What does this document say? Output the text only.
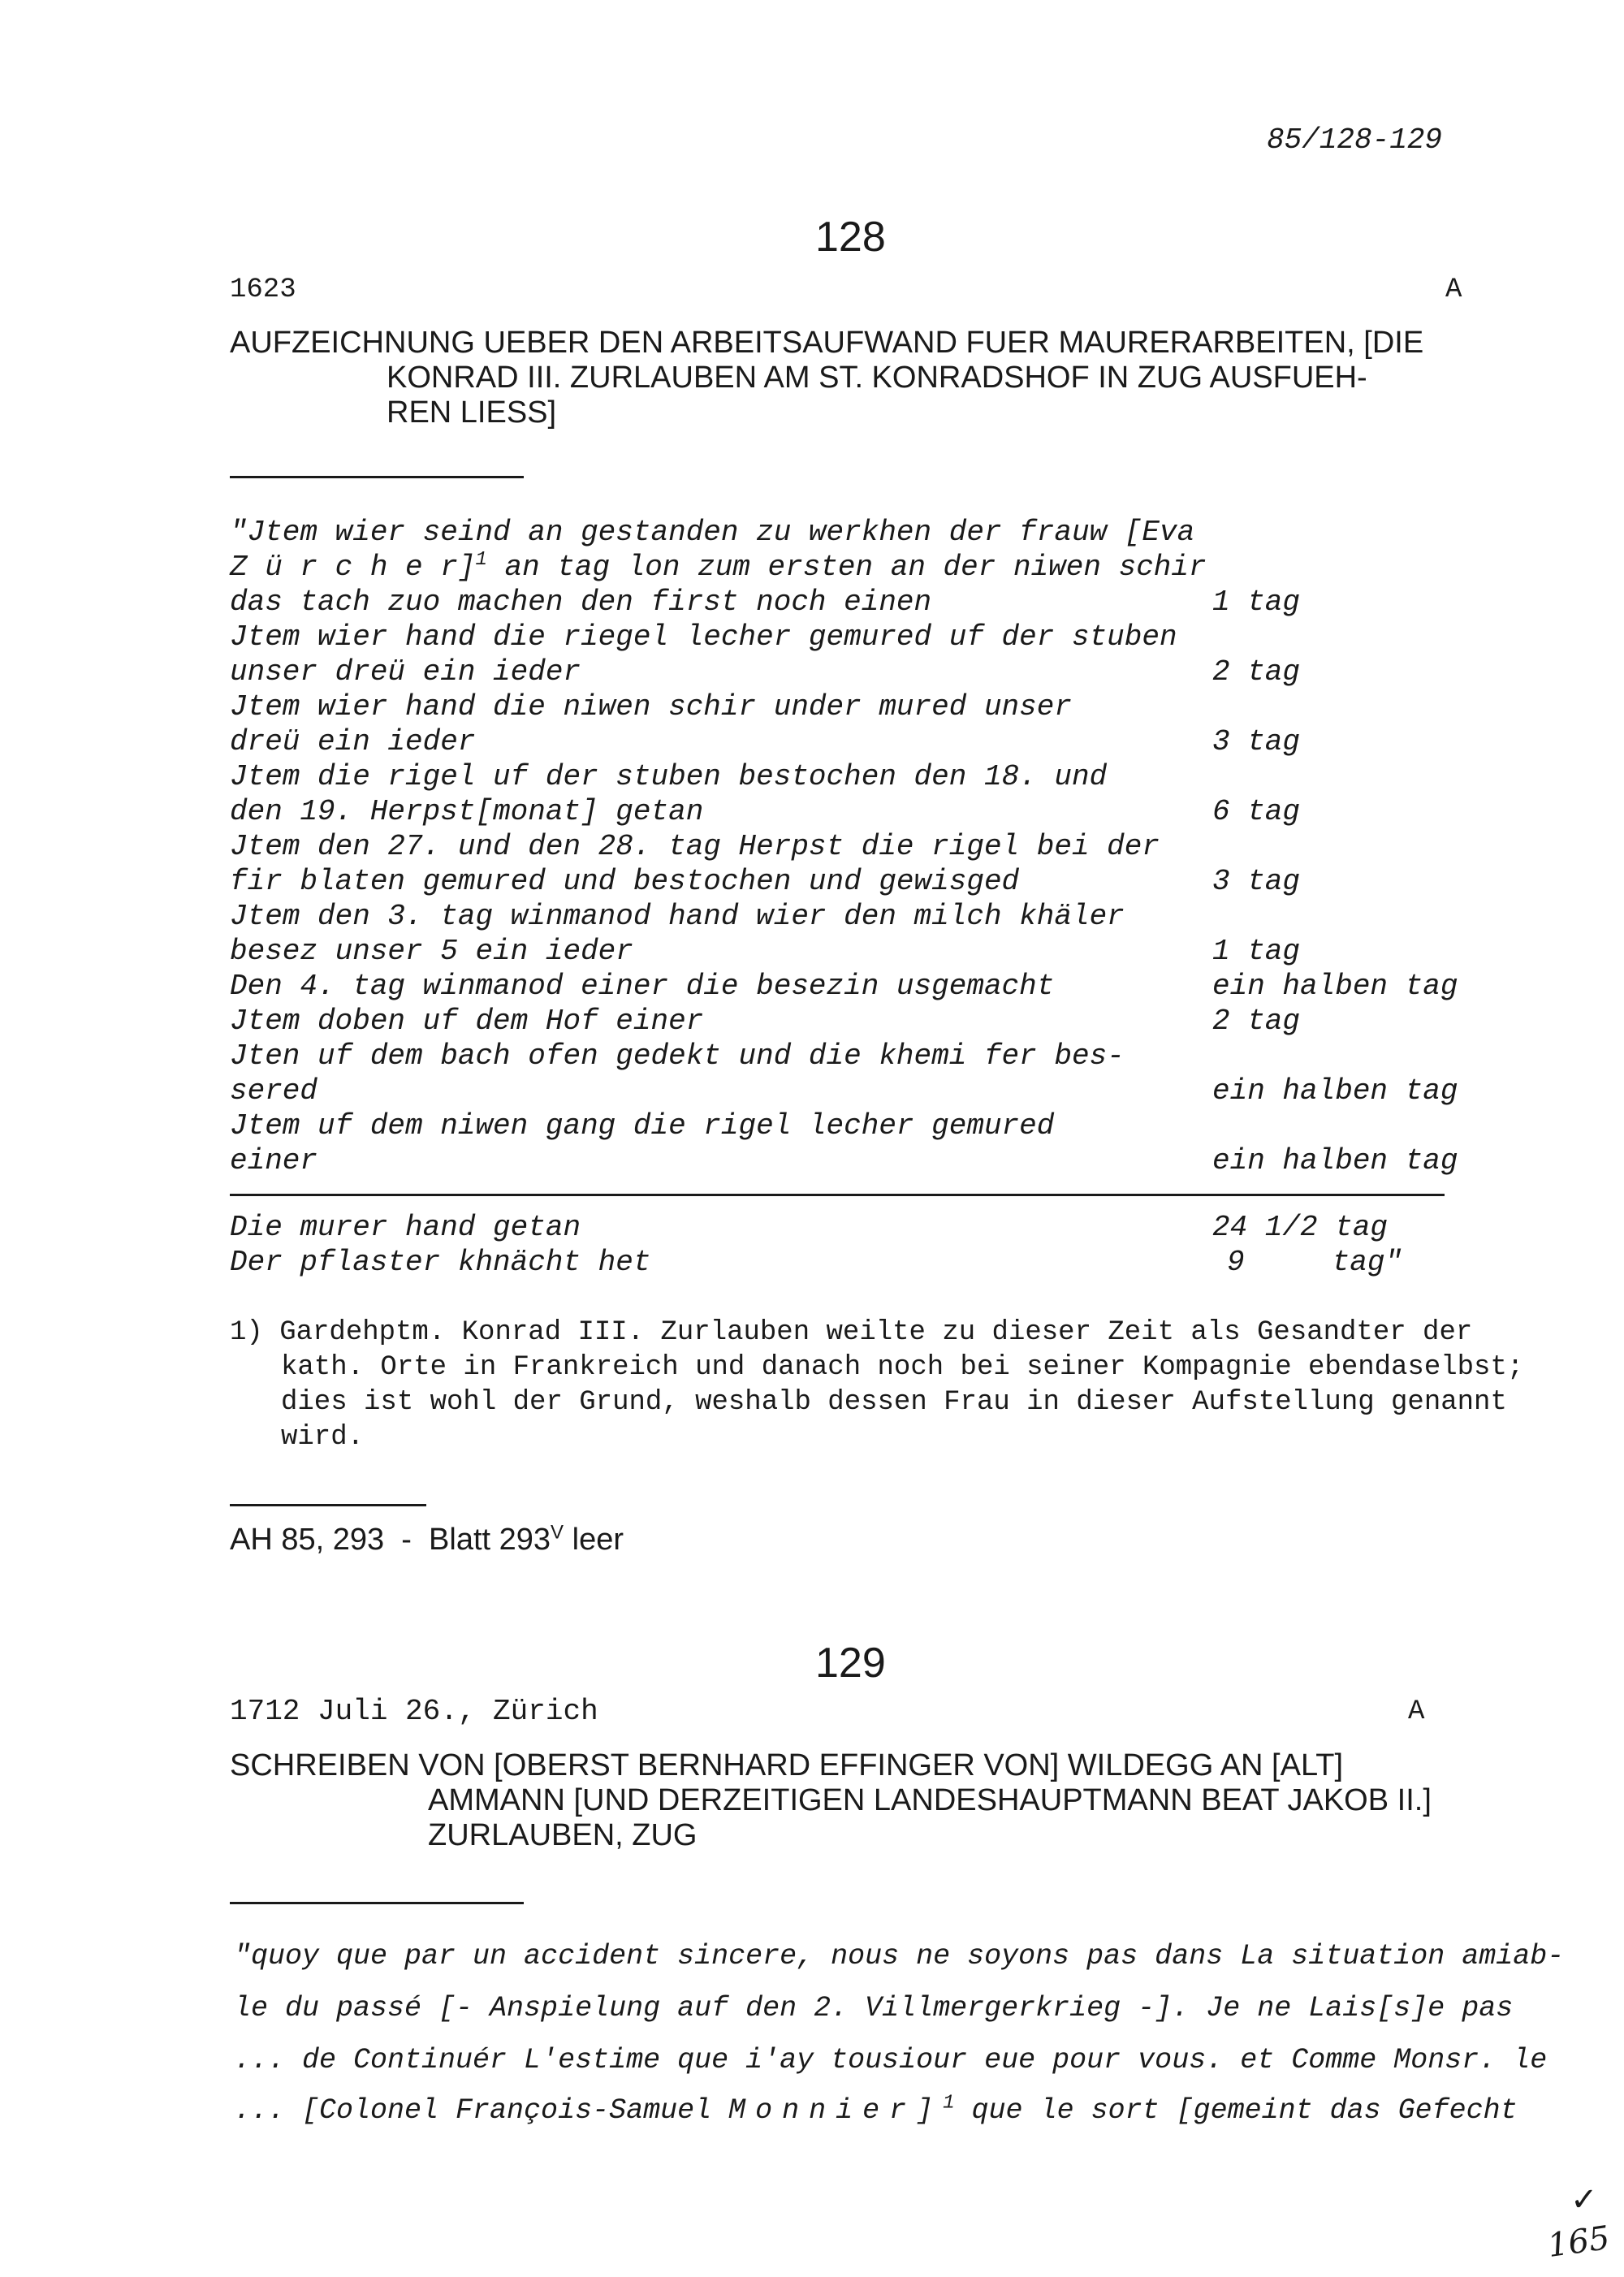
85/128-129
128
1623	A
AUFZEICHNUNG UEBER DEN ARBEITSAUFWAND FUER MAURERARBEITEN, [DIE
KONRAD III. ZURLAUBEN AM ST. KONRADSHOF IN ZUG AUSFUEH-
REN LIESS]
"Jtem wier seind an gestanden zu werkhen der frauw [Eva
Z ü r c h e r]$^1$ an tag lon zum ersten an der niwen schir
das tach zuo machen den first noch einen	1 tag
Jtem wier hand die riegel lecher gemured uf der stuben
unser dreü ein ieder	2 tag
Jtem wier hand die niwen schir under mured unser
dreü ein ieder	3 tag
Jtem die rigel uf der stuben bestochen den 18. und
den 19. Herpst[monat] getan	6 tag
Jtem den 27. und den 28. tag Herpst die rigel bei der
fir blaten gemured und bestochen und gewisged	3 tag
Jtem den 3. tag winmanod hand wier den milch khäler
besez unser 5 ein ieder	1 tag
Den 4. tag winmanod einer die besezin usgemacht	ein halben tag
Jtem doben uf dem Hof einer	2 tag
Jten uf dem bach ofen gedekt und die khemi fer bes-
sered	ein halben tag
Jtem uf dem niwen gang die rigel lecher gemured
einer	ein halben tag
Die murer hand getan	24 1/2 tag
Der pflaster khnächt het	9     tag"
1) Gardehptm. Konrad III. Zurlauben weilte zu dieser Zeit als Gesandter der
kath. Orte in Frankreich und danach noch bei seiner Kompagnie ebendaselbst;
dies ist wohl der Grund, weshalb dessen Frau in dieser Aufstellung genannt
wird.
AH 85, 293 - Blatt $293^V$ leer
129
1712 Juli 26., Zürich	A
SCHREIBEN VON [OBERST BERNHARD EFFINGER VON] WILDEGG AN [ALT]
AMMANN [UND DERZEITIGEN LANDESHAUPTMANN BEAT JAKOB II.]
ZURLAUBEN, ZUG
"quoy que par un accident sincere, nous ne soyons pas dans La situation amiab-
le du passé [- Anspielung auf den 2. Villmergerkrieg -]. Je ne Lais[s]e pas
... de Continuér L'estime que i'ay tousiour eue pour vous. et Comme Monsr. le
... [Colonel François-Samuel Monnier]$^1$ que le sort [gemeint das Gefecht
✓
165
